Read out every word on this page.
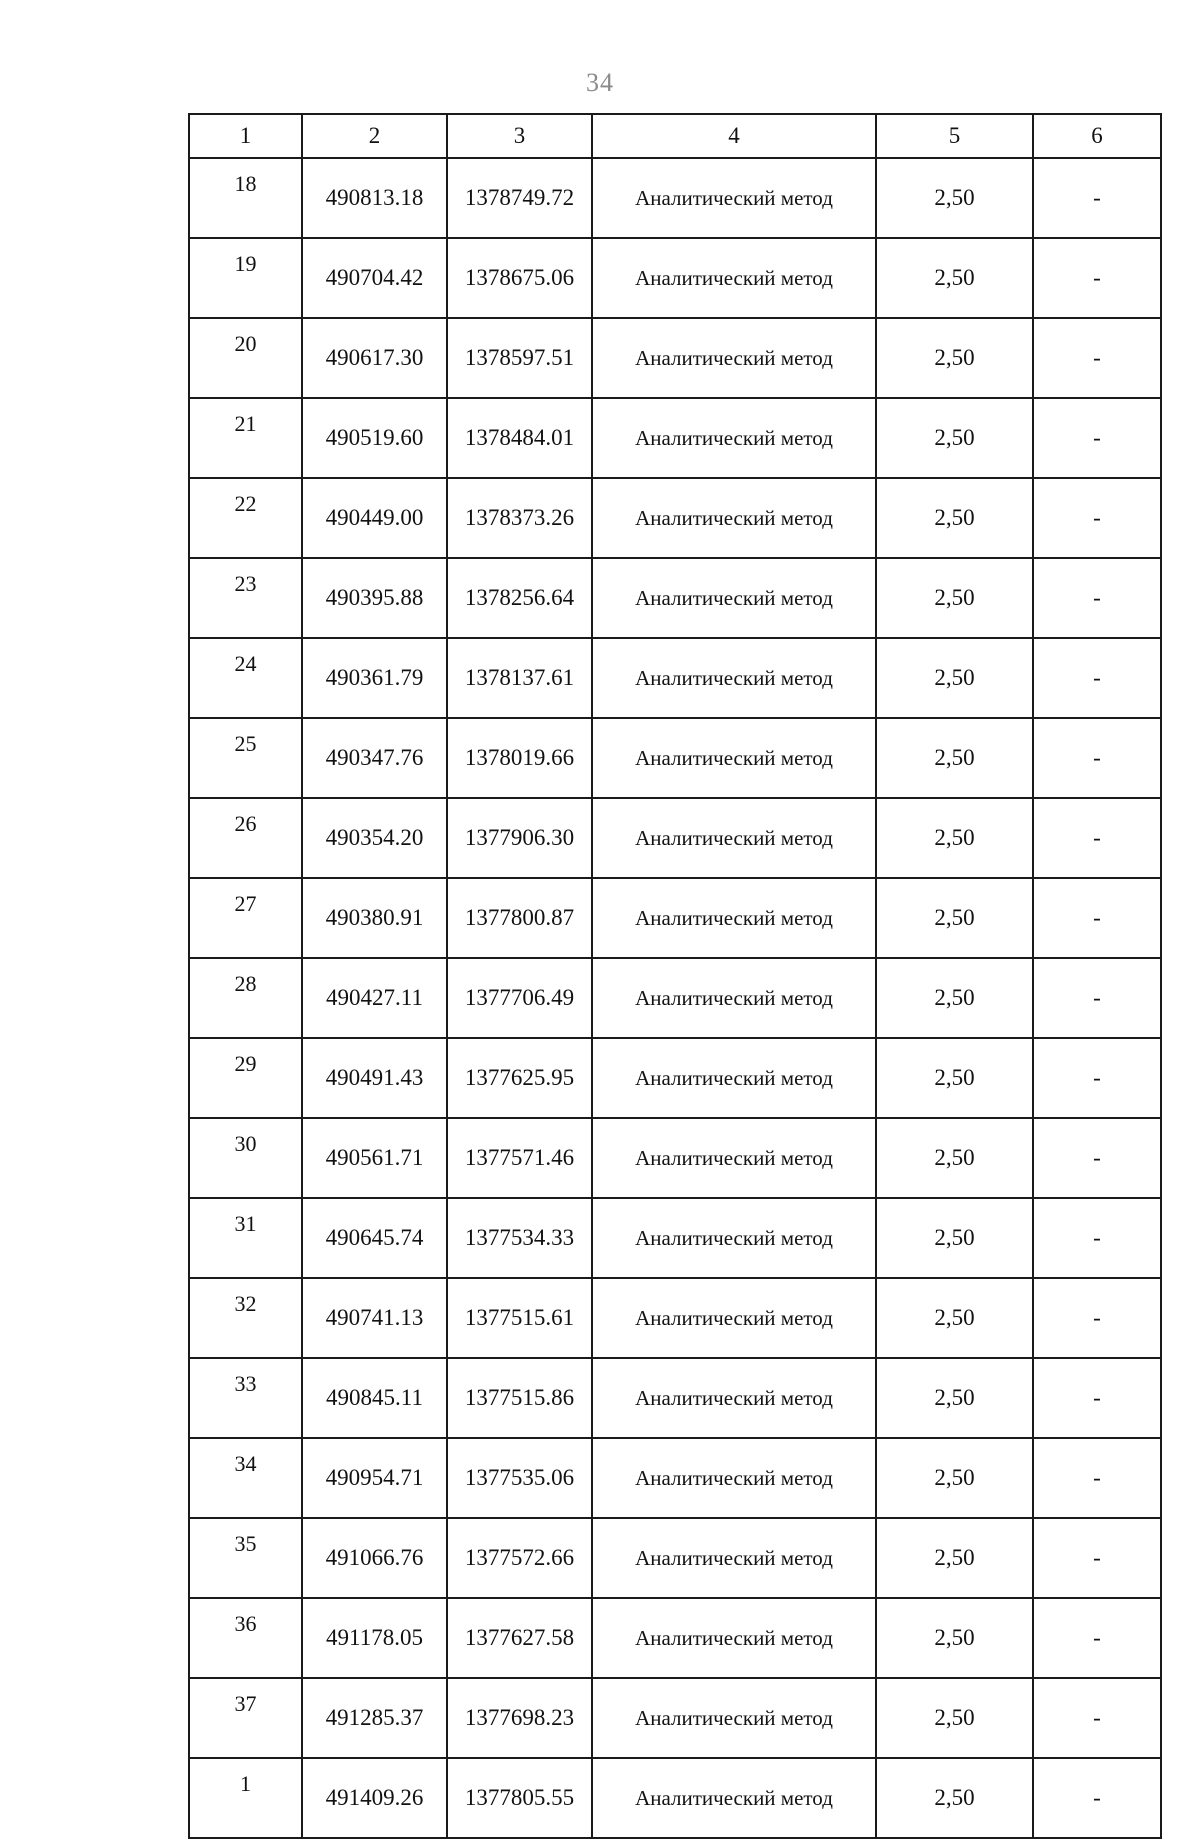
34
1	2	3	4	5	6
18	490813.18	1378749.72	Аналитический метод	2,50	-
19	490704.42	1378675.06	Аналитический метод	2,50	-
20	490617.30	1378597.51	Аналитический метод	2,50	-
21	490519.60	1378484.01	Аналитический метод	2,50	-
22	490449.00	1378373.26	Аналитический метод	2,50	-
23	490395.88	1378256.64	Аналитический метод	2,50	-
24	490361.79	1378137.61	Аналитический метод	2,50	-
25	490347.76	1378019.66	Аналитический метод	2,50	-
26	490354.20	1377906.30	Аналитический метод	2,50	-
27	490380.91	1377800.87	Аналитический метод	2,50	-
28	490427.11	1377706.49	Аналитический метод	2,50	-
29	490491.43	1377625.95	Аналитический метод	2,50	-
30	490561.71	1377571.46	Аналитический метод	2,50	-
31	490645.74	1377534.33	Аналитический метод	2,50	-
32	490741.13	1377515.61	Аналитический метод	2,50	-
33	490845.11	1377515.86	Аналитический метод	2,50	-
34	490954.71	1377535.06	Аналитический метод	2,50	-
35	491066.76	1377572.66	Аналитический метод	2,50	-
36	491178.05	1377627.58	Аналитический метод	2,50	-
37	491285.37	1377698.23	Аналитический метод	2,50	-
1	491409.26	1377805.55	Аналитический метод	2,50	-
